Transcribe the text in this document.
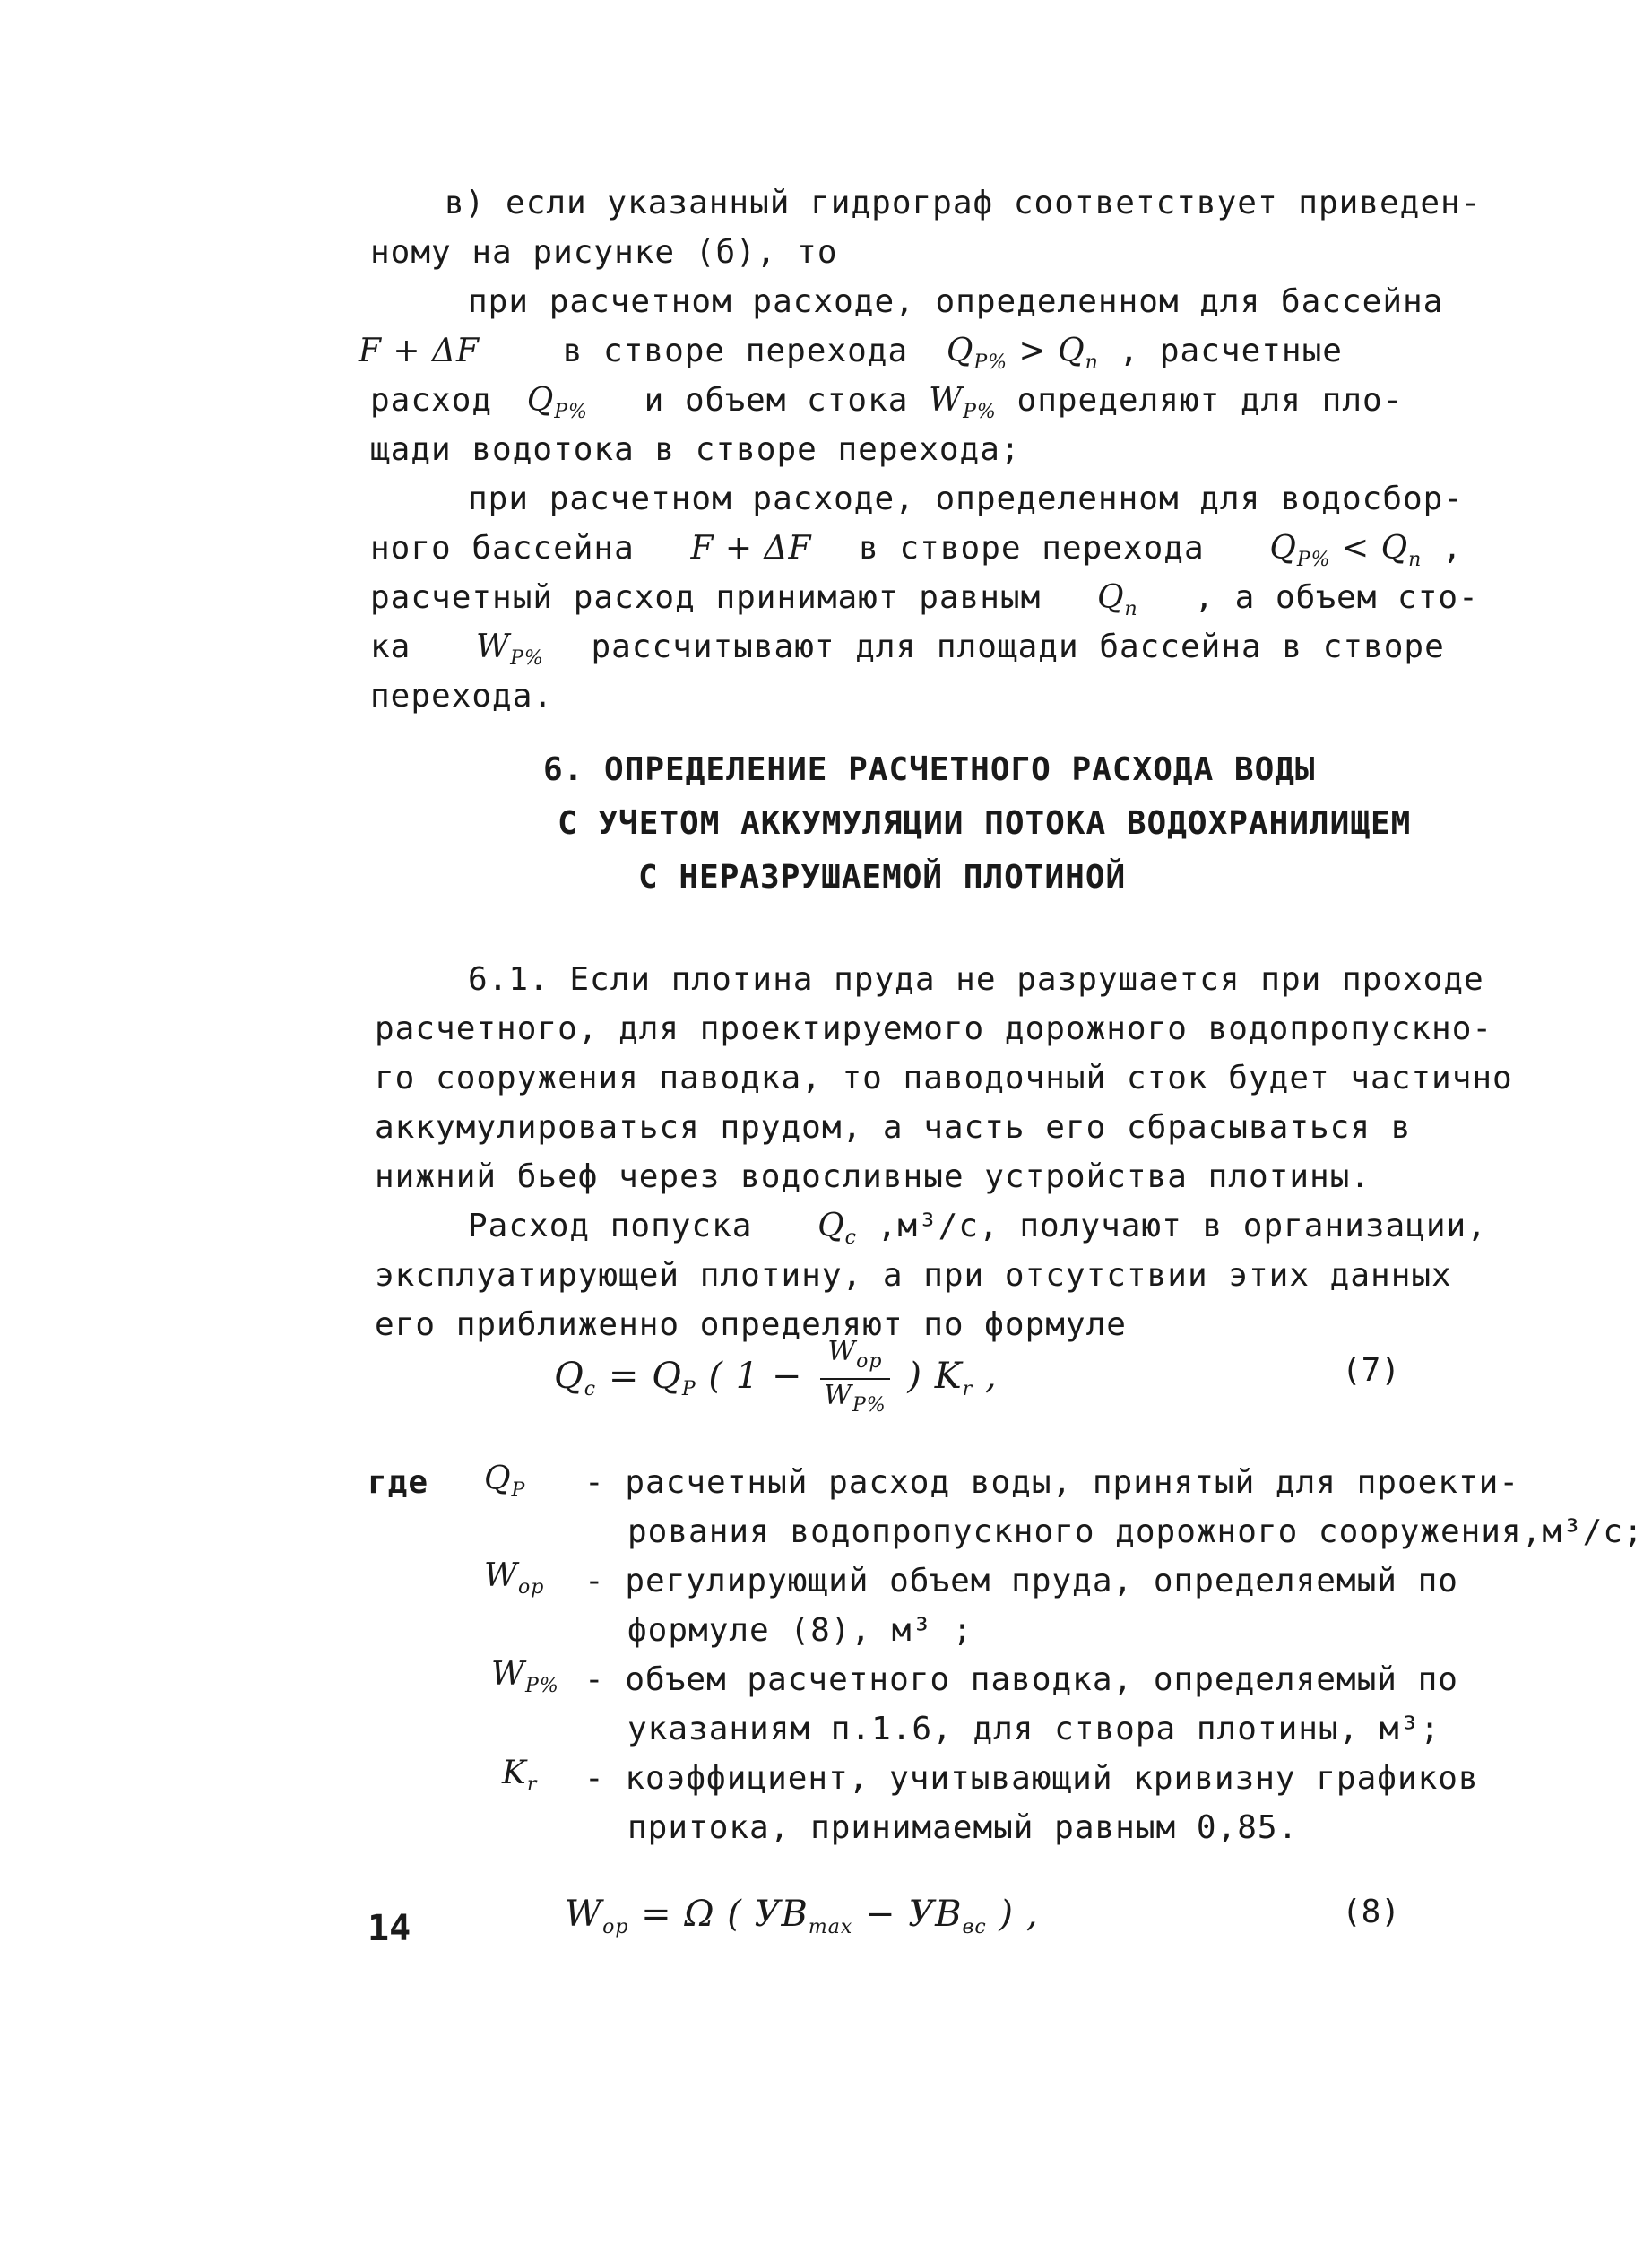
в) если указанный гидрограф соответствует приведен-
ному на рисунке (б), то
при расчетном расходе, определенном для бассейна
F + ΔF	в створе перехода $Q_{P\%} > Q_n$ , расчетные
расход $Q_{P\%}$ и объем стока $W_{P\%}$ определяют для пло-
щади водотока в створе перехода;
при расчетном расходе, определенном для водосбор-
ного бассейна F + ΔF в створе перехода $Q_{P\%} < Q_n$ ,
расчетный расход принимают равным $Q_n$ , а объем сто-
ка $W_{P\%}$ рассчитывают для площади бассейна в створе
перехода.
6. ОПРЕДЕЛЕНИЕ РАСЧЕТНОГО РАСХОДА ВОДЫ
С УЧЕТОМ АККУМУЛЯЦИИ ПОТОКА ВОДОХРАНИЛИЩЕМ
С НЕРАЗРУШАЕМОЙ ПЛОТИНОЙ
6.1. Если плотина пруда не разрушается при проходе
расчетного, для проектируемого дорожного водопропускно-
го сооружения паводка, то паводочный сток будет частично
аккумулироваться прудом, а часть его сбрасываться в
нижний бьеф через водосливные устройства плотины.
Расход попуска $Q_c$ ,м³/с, получают в организации,
эксплуатирующей плотину, а при отсутствии этих данных
его приближенно определяют по формуле
$Q_c = Q_P$ ( $1 - \frac{W_{op}}{W_{P\%}}$ ) $K_r$ ,	(7)
где $Q_P$ - расчетный расход воды, принятый для проекти-
рования водопропускного дорожного сооружения,м³/с;
$W_{op}$ - регулирующий объем пруда, определяемый по
формуле (8), м³ ;
$W_{P\%}$ - объем расчетного паводка, определяемый по
указаниям п.1.6, для створа плотины, м³;
$K_r$ - коэффициент, учитывающий кривизну графиков
притока, принимаемый равным 0,85.
$W_{op} = \Omega$ ( $УВ_{max} - УВ_{вс}$ ) ,	(8)
14
